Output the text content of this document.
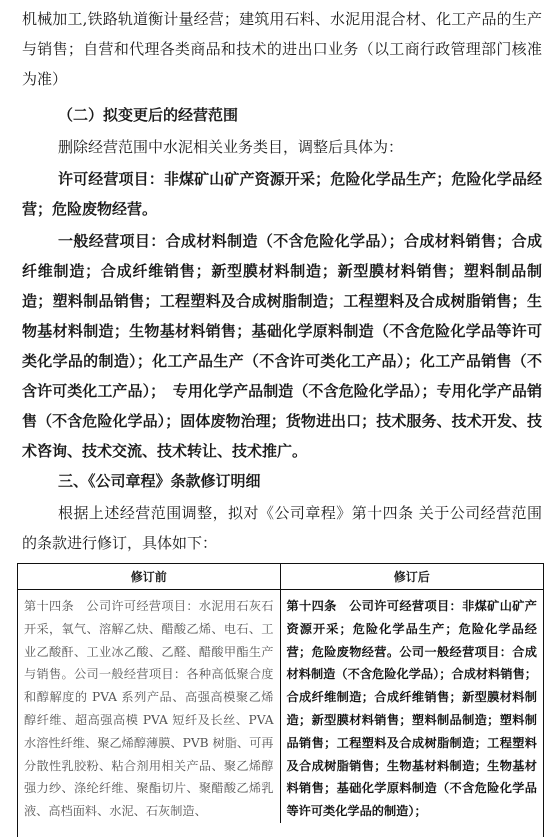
机械加工,铁路轨道衡计量经营；建筑用石料、水泥用混合材、化工产品的生产与销售；自营和代理各类商品和技术的进出口业务（以工商行政管理部门核准为准）

（二）拟变更后的经营范围

删除经营范围中水泥相关业务类目，调整后具体为：

许可经营项目：非煤矿山矿产资源开采；危险化学品生产；危险化学品经营；危险废物经营。

一般经营项目：合成材料制造（不含危险化学品）；合成材料销售；合成纤维制造；合成纤维销售；新型膜材料制造；新型膜材料销售；塑料制品制造；塑料制品销售；工程塑料及合成树脂制造；工程塑料及合成树脂销售；生物基材料制造；生物基材料销售；基础化学原料制造（不含危险化学品等许可类化学品的制造）；化工产品生产（不含许可类化工产品）；化工产品销售（不含许可类化工产品）；　专用化学产品制造（不含危险化学品）；专用化学产品销售（不含危险化学品）；固体废物治理；货物进出口；技术服务、技术开发、技术咨询、技术交流、技术转让、技术推广。

三、《公司章程》条款修订明细

根据上述经营范围调整，拟对《公司章程》第十四条 关于公司经营范围的条款进行修订，具体如下：

修订前	修订后
第十四条　公司许可经营项目：水泥用石灰石开采，氧气、溶解乙炔、醋酸乙烯、电石、工业乙酸酐、工业冰乙酸、乙醛、醋酸甲酯生产与销售。公司一般经营项目：各种高低聚合度和醇解度的 PVA 系列产品、高强高模聚乙烯醇纤维、超高强高模 PVA 短纤及长丝、PVA 水溶性纤维、聚乙烯醇薄膜、PVB 树脂、可再分散性乳胶粉、粘合剂用相关产品、聚乙烯醇强力纱、涤纶纤维、聚酯切片、聚醋酸乙烯乳液、高档面料、水泥、石灰制造、	第十四条　公司许可经营项目：非煤矿山矿产资源开采；危险化学品生产；危险化学品经营；危险废物经营。公司一般经营项目：合成材料制造（不含危险化学品）；合成材料销售；合成纤维制造；合成纤维销售；新型膜材料制造；新型膜材料销售；塑料制品制造；塑料制品销售；工程塑料及合成树脂制造；工程塑料及合成树脂销售；生物基材料制造；生物基材料销售；基础化学原料制造（不含危险化学品等许可类化学品的制造）；
